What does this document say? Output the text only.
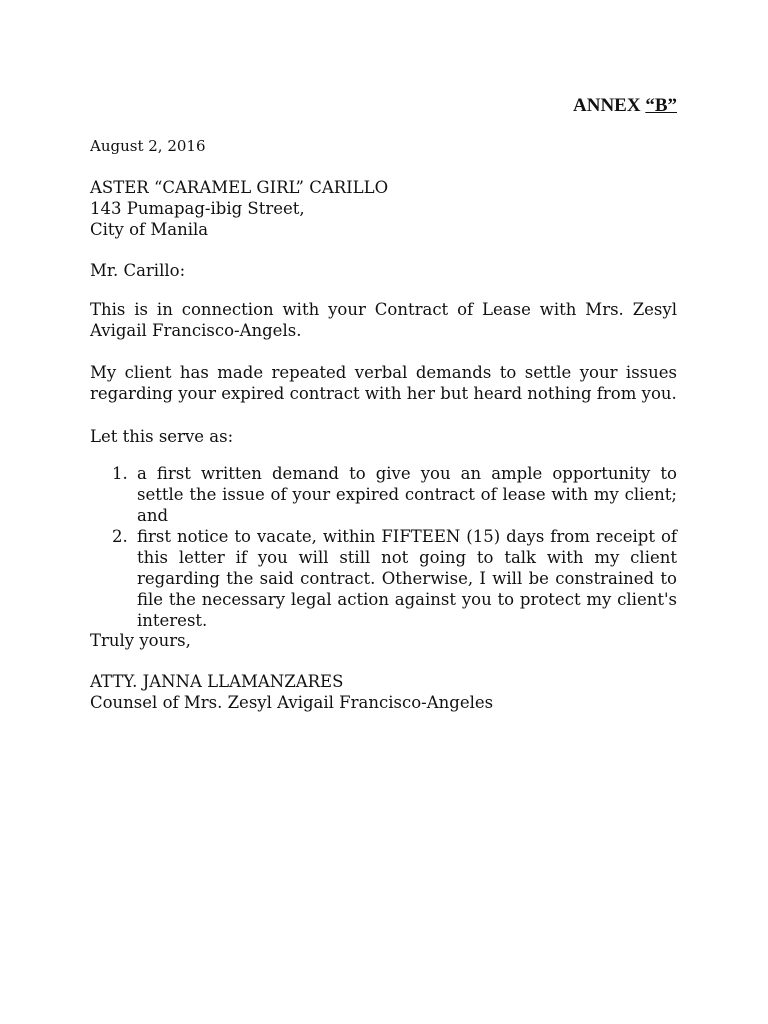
ANNEX “B”

August 2, 2016

ASTER “CARAMEL GIRL” CARILLO
143 Pumapag-ibig Street,
City of Manila

Mr. Carillo:

This is in connection with your Contract of Lease with Mrs. Zesyl Avigail Francisco-Angels.

My client has made repeated verbal demands to settle your issues regarding your expired contract with her but heard nothing from you.

Let this serve as:

1. a first written demand to give you an ample opportunity to settle the issue of your expired contract of lease with my client; and
2. first notice to vacate, within FIFTEEN (15) days from receipt of this letter if you will still not going to talk with my client regarding the said contract. Otherwise, I will be constrained to file the necessary legal action against you to protect my client's interest.

Truly yours,

ATTY. JANNA LLAMANZARES
Counsel of Mrs. Zesyl Avigail Francisco-Angeles
